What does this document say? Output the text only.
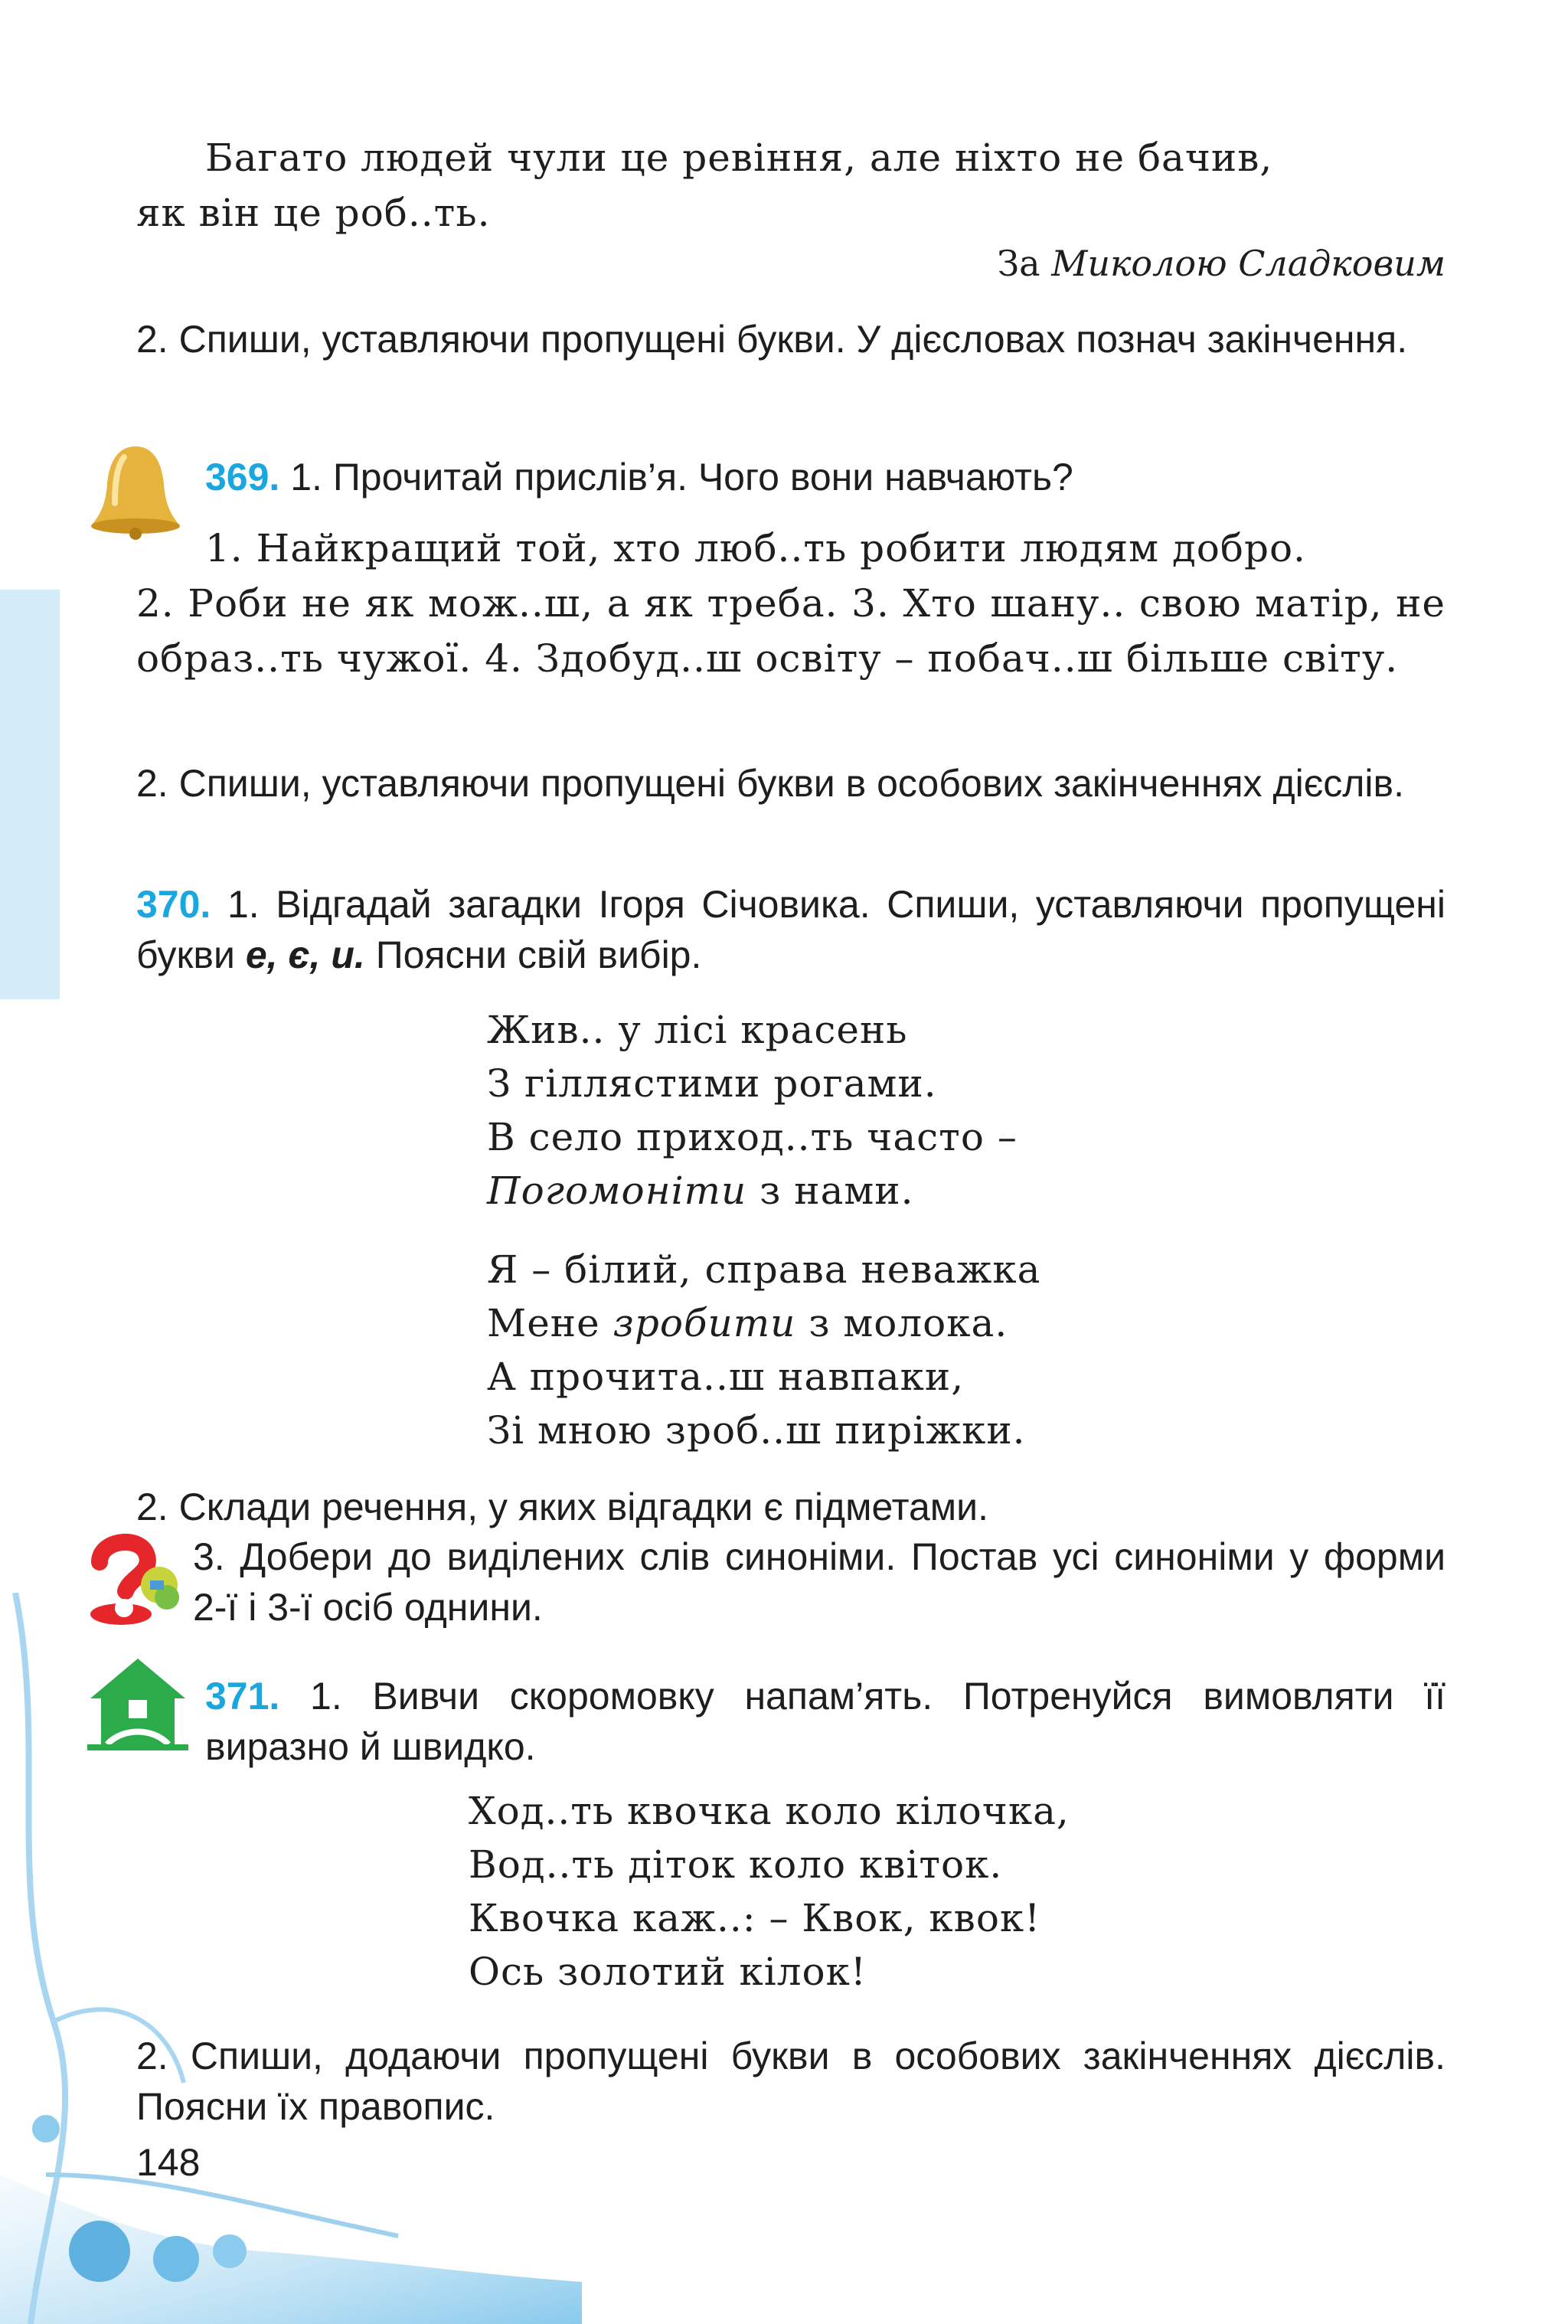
Багато людей чули це ревіння, але ніхто не бачив,
як він це роб..ть.
За Миколою Сладковим
2. Спиши, уставляючи пропущені букви. У дієсловах познач закінчення.
369. 1. Прочитай прислів’я. Чого вони навчають?
1. Найкращий той, хто люб..ть робити людям добро.
2. Роби не як мож..ш, а як треба. 3. Хто шану.. свою матір, не образ..ть чужої. 4. Здобуд..ш освіту – побач..ш більше світу.
2. Спиши, уставляючи пропущені букви в особових закінченнях дієслів.
370. 1. Відгадай загадки Ігоря Січовика. Спиши, уставляючи пропущені букви е, є, и. Поясни свій вибір.
Жив.. у лісі красень
З гіллястими рогами.
В село приход..ть часто –
Погомоніти з нами.
Я – білий, справа неважка
Мене зробити з молока.
А прочита..ш навпаки,
Зі мною зроб..ш пиріжки.
2. Склади речення, у яких відгадки є підметами.
3. Добери до виділених слів синоніми. Постав усі синоніми у форми 2-ї і 3-ї осіб однини.
371. 1. Вивчи скоромовку напам’ять. Потренуйся вимовляти її виразно й швидко.
Ход..ть квочка коло кілочка,
Вод..ть діток коло квіток.
Квочка каж..: – Квок, квок!
Ось золотий кілок!
2. Спиши, додаючи пропущені букви в особових закінченнях дієслів. Поясни їх правопис.
148
